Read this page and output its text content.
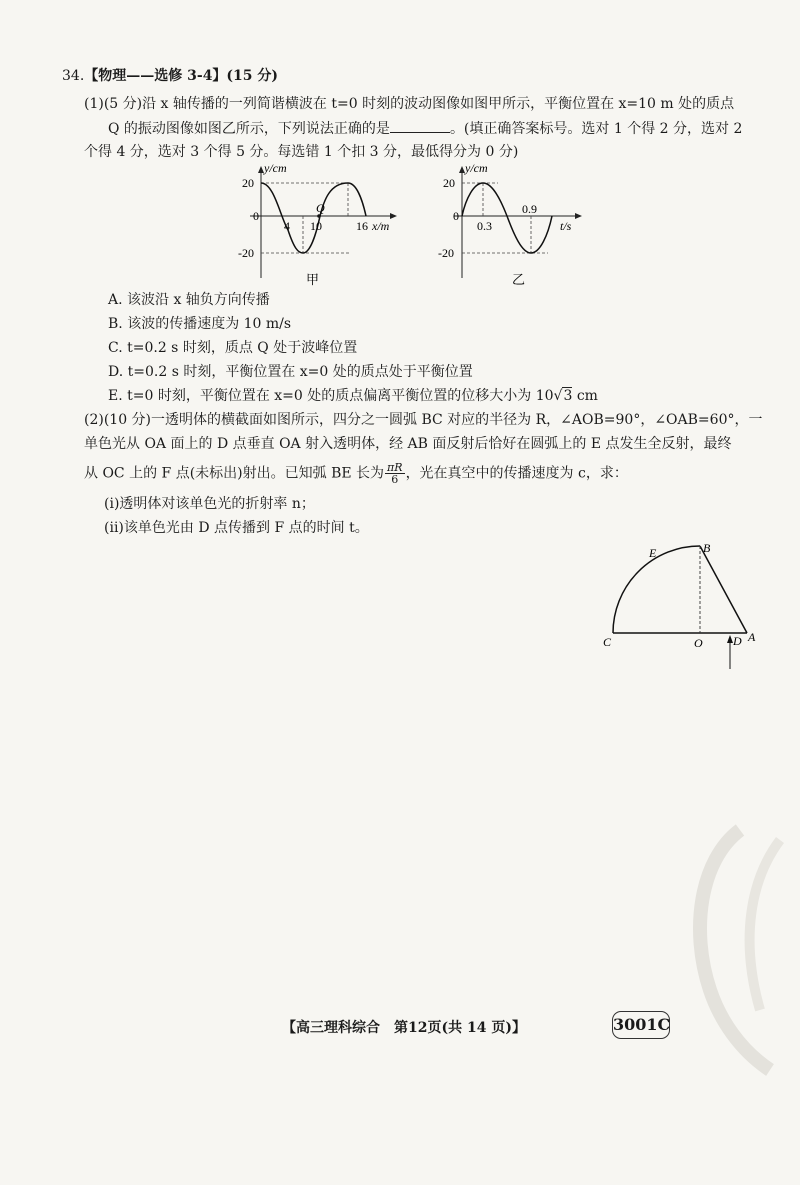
34.【物理——选修 3-4】(15 分)
(1)(5 分)沿 x 轴传播的一列简谐横波在 t=0 时刻的波动图像如图甲所示，平衡位置在 x=10 m 处的质点
Q 的振动图像如图乙所示，下列说法正确的是	。(填正确答案标号。选对 1 个得 2 分，选对 2
个得 4 分，选对 3 个得 5 分。每选错 1 个扣 3 分，最低得分为 0 分)
y/cm
20
0
-20
4 10	16
Q
x/m
甲
y/cm
20
0
-20
0.3
0.9
t/s
乙
A. 该波沿 x 轴负方向传播
B. 该波的传播速度为 10 m/s
C. t=0.2 s 时刻，质点 Q 处于波峰位置
D. t=0.2 s 时刻，平衡位置在 x=0 处的质点处于平衡位置
E. t=0 时刻，平衡位置在 x=0 处的质点偏离平衡位置的位移大小为 10√3 cm
(2)(10 分)一透明体的横截面如图所示，四分之一圆弧 BC 对应的半径为 R，∠AOB=90°，∠OAB=60°，一
单色光从 OA 面上的 D 点垂直 OA 射入透明体，经 AB 面反射后恰好在圆弧上的 E 点发生全反射，最终
从 OC 上的 F 点(未标出)射出。已知弧 BE 长为 $\frac{\pi R}{6}$ ，光在真空中的传播速度为 c，求：
(ⅰ)透明体对该单色光的折射率 n；
(ⅱ)该单色光由 D 点传播到 F 点的时间 t。
E	B
C	O	D A
【高三理科综合　第12页(共 14 页)】	3001C
